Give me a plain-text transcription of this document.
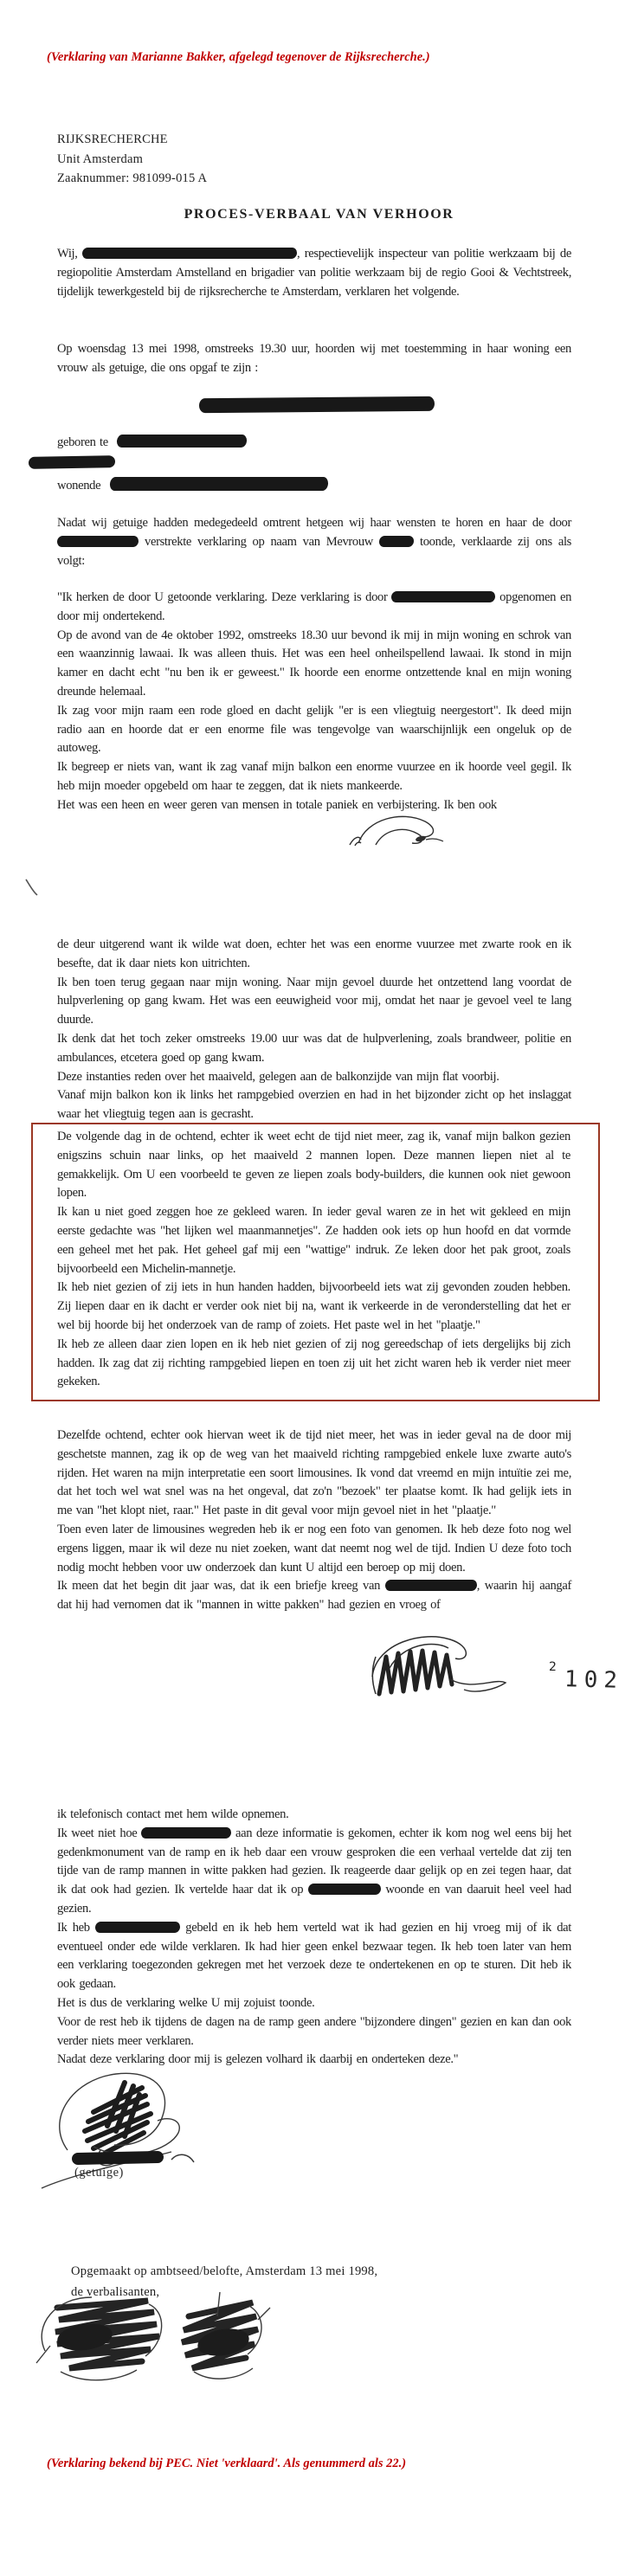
(Verklaring van Marianne Bakker, afgelegd tegenover de Rijksrecherche.)
RIJKSRECHERCHE
Unit Amsterdam
Zaaknummer: 981099-015 A
PROCES-VERBAAL VAN VERHOOR

Wij,	, respectievelijk inspecteur van politie werkzaam bij de regiopolitie Amsterdam Amstelland en brigadier van politie werkzaam bij de regio Gooi & Vechtstreek, tijdelijk tewerkgesteld bij de rijksrecherche te Amsterdam, verklaren het volgende.

Op woensdag 13 mei 1998, omstreeks 19.30 uur, hoorden wij met toestemming in haar woning een vrouw als getuige, die ons opgaf te zijn :

geboren te
wonende

Nadat wij getuige hadden medegedeeld omtrent hetgeen wij haar wensten te horen en haar de door  verstrekte verklaring op naam van Mevrouw	toonde, verklaarde zij ons als volgt:

"Ik herken de door U getoonde verklaring. Deze verklaring is door	opgenomen en door mij ondertekend.

Op de avond van de 4e oktober 1992, omstreeks 18.30 uur bevond ik mij in mijn woning en schrok van een waanzinnig lawaai. Ik was alleen thuis. Het was een heel onheilspellend lawaai. Ik stond in mijn kamer en dacht echt "nu ben ik er geweest." Ik hoorde een enorme ontzettende knal en mijn woning dreunde helemaal.

Ik zag voor mijn raam een rode gloed en dacht gelijk "er is een vliegtuig neergestort". Ik deed mijn radio aan en hoorde dat er een enorme file was tengevolge van waarschijnlijk een ongeluk op de autoweg.

Ik begreep er niets van, want ik zag vanaf mijn balkon een enorme vuurzee en ik hoorde veel gegil. Ik heb mijn moeder opgebeld om haar te zeggen, dat ik niets mankeerde.

Het was een heen en weer geren van mensen in totale paniek en verbijstering. Ik ben ook

de deur uitgerend want ik wilde wat doen, echter het was een enorme vuurzee met zwarte rook en ik besefte, dat ik daar niets kon uitrichten.

Ik ben toen terug gegaan naar mijn woning. Naar mijn gevoel duurde het ontzettend lang voordat de hulpverlening op gang kwam. Het was een eeuwigheid voor mij, omdat het naar je gevoel veel te lang duurde.

Ik denk dat het toch zeker omstreeks 19.00 uur was dat de hulpverlening, zoals brandweer, politie en ambulances, etcetera goed op gang kwam.

Deze instanties reden over het maaiveld, gelegen aan de balkonzijde van mijn flat voorbij.

Vanaf mijn balkon kon ik links het rampgebied overzien en had in het bijzonder zicht op het inslaggat waar het vliegtuig tegen aan is gecrasht.

De volgende dag in de ochtend, echter ik weet echt de tijd niet meer, zag ik, vanaf mijn balkon gezien enigszins schuin naar links, op het maaiveld 2 mannen lopen. Deze mannen liepen niet al te gemakkelijk. Om U een voorbeeld te geven ze liepen zoals body-builders, die kunnen ook niet gewoon lopen.

Ik kan u niet goed zeggen hoe ze gekleed waren. In ieder geval waren ze in het wit gekleed en mijn eerste gedachte was "het lijken wel maanmannetjes". Ze hadden ook iets op hun hoofd en dat vormde een geheel met het pak. Het geheel gaf mij een "wattige" indruk. Ze leken door het pak groot, zoals bijvoorbeeld een Michelin-mannetje.

Ik heb niet gezien of zij iets in hun handen hadden, bijvoorbeeld iets wat zij gevonden zouden hebben. Zij liepen daar en ik dacht er verder ook niet bij na, want ik verkeerde in de veronderstelling dat het er wel bij hoorde bij het onderzoek van de ramp of zoiets. Het paste wel in het "plaatje."

Ik heb ze alleen daar zien lopen en ik heb niet gezien of zij nog gereedschap of iets dergelijks bij zich hadden. Ik zag dat zij richting rampgebied liepen en toen zij uit het zicht waren heb ik verder niet meer gekeken.

Dezelfde ochtend, echter ook hiervan weet ik de tijd niet meer, het was in ieder geval na de door mij geschetste mannen, zag ik op de weg van het maaiveld richting rampgebied enkele luxe zwarte auto's rijden. Het waren na mijn interpretatie een soort limousines. Ik vond dat vreemd en mijn intuïtie zei me, dat het toch wel wat snel was na het ongeval, dat zo'n "bezoek" ter plaatse komt. Ik had gelijk iets in me van "het klopt niet, raar." Het paste in dit geval voor mijn gevoel niet in het "plaatje."

Toen even later de limousines wegreden heb ik er nog een foto van genomen. Ik heb deze foto nog wel ergens liggen, maar ik wil deze nu niet zoeken, want dat neemt nog wel de tijd. Indien U deze foto toch nodig mocht hebben voor uw onderzoek dan kunt U altijd een beroep op mij doen.

Ik meen dat het begin dit jaar was, dat ik een briefje kreeg van	, waarin hij aangaf dat hij had vernomen dat ik "mannen in witte pakken" had gezien en vroeg of

2 102

ik telefonisch contact met hem wilde opnemen.

Ik weet niet hoe	aan deze informatie is gekomen, echter ik kom nog wel eens bij het gedenkmonument van de ramp en ik heb daar een vrouw gesproken die een verhaal vertelde dat zij ten tijde van de ramp mannen in witte pakken had gezien. Ik reageerde daar gelijk op en zei tegen haar, dat ik dat ook had gezien. Ik vertelde haar dat ik op	woonde en van daaruit heel veel had gezien.

Ik heb	gebeld en ik heb hem verteld wat ik had gezien en hij vroeg mij of ik dat eventueel onder ede wilde verklaren. Ik had hier geen enkel bezwaar tegen. Ik heb toen later van hem een verklaring toegezonden gekregen met het verzoek deze te ondertekenen en op te sturen. Dit heb ik ook gedaan.

Het is dus de verklaring welke U mij zojuist toonde.

Voor de rest heb ik tijdens de dagen na de ramp geen andere "bijzondere dingen" gezien en kan dan ook verder niets meer verklaren.

Nadat deze verklaring door mij is gelezen volhard ik daarbij en onderteken deze."

(getuige)
Opgemaakt op ambtseed/belofte, Amsterdam 13 mei 1998,
de verbalisanten,
(Verklaring bekend bij PEC. Niet 'verklaard'. Als genummerd als 22.)
